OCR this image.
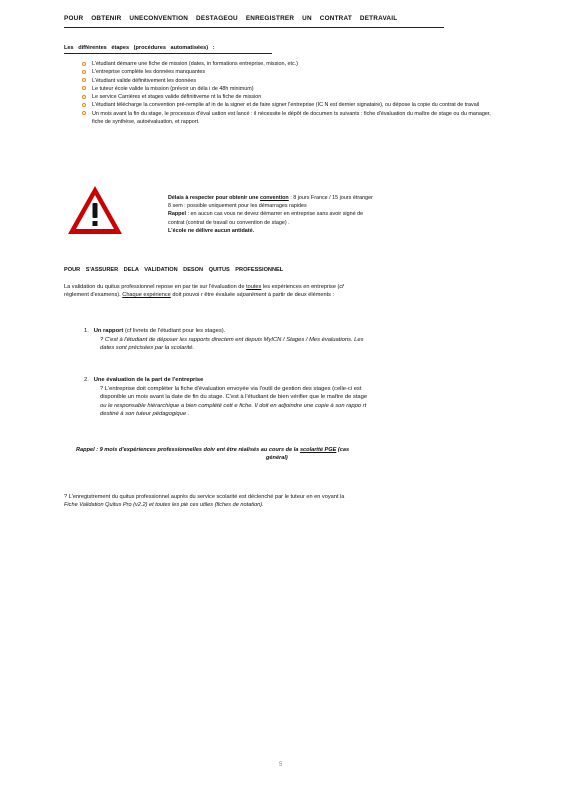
POUR OBTENIR UNECONVENTION DESTAGEOU ENREGISTRER UN CONTRAT DETRAVAIL
Les différentes étapes (procédures automatisées) :
L'étudiant démarre une fiche de mission (dates, in formations entreprise, mission, etc.)
L'entreprise complète les données manquantes
L'étudiant valide définitivement les données
Le tuteur école valide la mission (prévoir un déla i de 48h minimum)
Le service Carrières et stages valide définitiveme nt la fiche de mission
L'étudiant télécharge la convention pré-remplie af in de la signer et de faire signer l'entreprise (IC N est dernier signataire), ou dépose la copie du contrat de travail
Un mois avant la fin du stage, le processus d'éval uation est lancé : il nécessite le dépôt de documen ts suivants : fiche d'évaluation du maître de stage ou du manager, fiche de synthèse, autoévaluation, et rapport.
Délais à respecter pour obtenir une convention : 8 jours France / 15 jours étranger
8 sem : possible uniquement pour les démarrages rapides
Rappel : en aucun cas vous ne devez démarrer en entreprise sans avoir signé de
contrat (contrat de travail ou convention de stage) .
L'école ne délivre aucun antidaté.
POUR S'ASSURER DELA VALIDATION DESON QUITUS PROFESSIONNEL
La validation du quitus professionnel repose en par tie sur l'évaluation de toutes les expériences en entreprise (cf
règlement d'examens). Chaque expérience doit pouvoi r être évaluée séparément à partir de deux éléments :
1. Un rapport (cf livrets de l'étudiant pour les stages).
? C'est à l'étudiant de déposer les rapports directem ent depuis MyICN / Stages / Mes évaluations. Les
dates sont précisées par la scolarité.
2. Une évaluation de la part de l'entreprise
? L'entreprise doit compléter la fiche d'évaluation envoyée via l'outil de gestion des stages (celle-ci est
disponible un mois avant la date de fin du stage. C'est à l'étudiant de bien vérifier que le maître de stage
ou le responsable hiérarchique a bien complété cett e fiche. Il doit en adjoindre une copie à son rappo rt
destiné à son tuteur pédagogique .
Rappel : 9 mois d'expériences professionnelles doiv ent être réalisés au cours de la scolarité PGE (cas
général)
? L'enregistrement du quitus professionnel auprès du service scolarité est déclenché par le tuteur en en voyant la
Fiche Validation Quitus Pro (v2.2) et toutes les piè ces utiles (fiches de notation).
5
